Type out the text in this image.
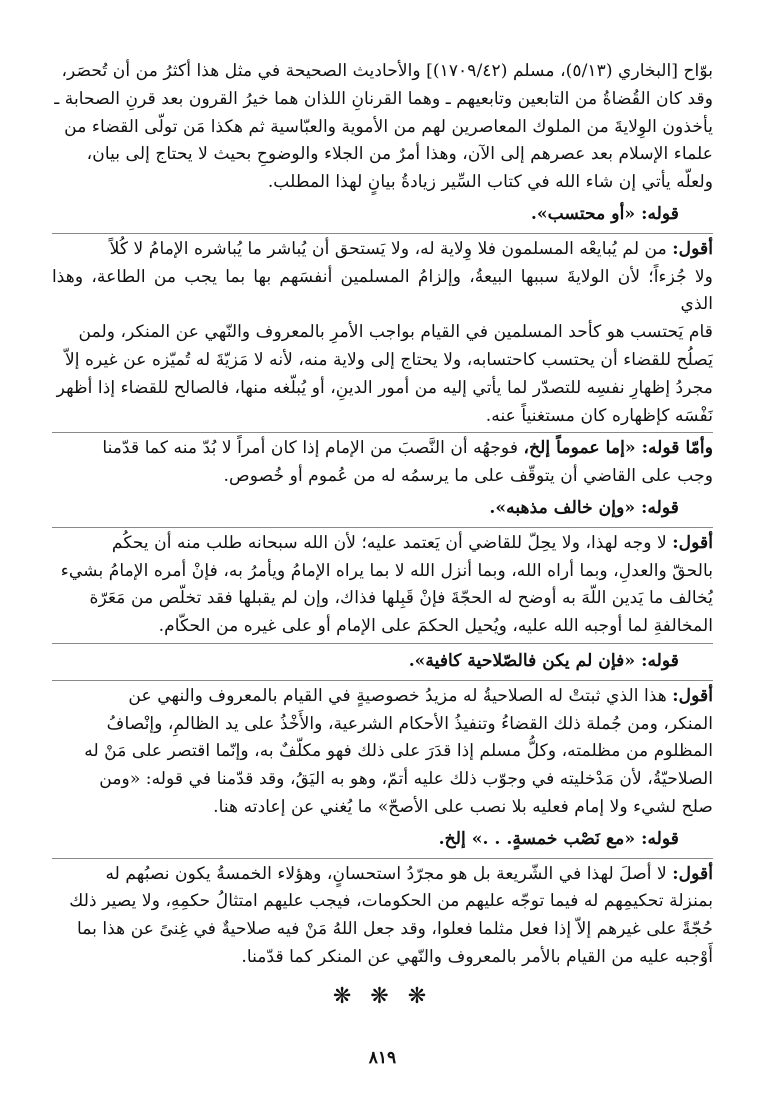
بوّاح [البخاري (٥/١٣)، مسلم (١٧٠٩/٤٢)] والأحاديث الصحيحة في مثل هذا أكثرُ من أن تُحصَر،

وقد كان القُضاةُ من التابعين وتابعيهم ـ وهما القرنانِ اللذان هما خيرُ القرون بعد قرنِ الصحابة ـ

يأخذون الوِلايةَ من الملوك المعاصرين لهم من الأموية والعبّاسية ثم هكذا مَن تولّى القضاء من

علماء الإسلام بعد عصرهم إلى الآن، وهذا أمرٌ من الجلاء والوضوحِ بحيث لا يحتاج إلى بيان،

ولعلّه يأتي إن شاء الله في كتاب السِّير زيادةُ بيانٍ لهذا المطلب.

قوله: «أو محتسب».

أقول: من لم يُبايعْه المسلمون فلا وِلاية له، ولا يَستحق أن يُباشر ما يُباشره الإمامُ لا كُلاً

ولا جُزءاً؛ لأن الولايةَ سببها البيعةُ، وإلزامُ المسلمين أنفسَهم بها بما يجب من الطاعة، وهذا الذي

قام يَحتسب هو كأحد المسلمين في القيام بواجب الأمرِ بالمعروف والنّهي عن المنكر، ولمن

يَصلُح للقضاء أن يحتسب كاحتسابه، ولا يحتاج إلى ولاية منه، لأنه لا مَزيّةَ له تُميّزه عن غيره إلاّ

مجردُ إظهارِ نفسِه للتصدّر لما يأتي إليه من أمور الدينِ، أو يُبلّغه منها، فالصالح للقضاء إذا أظهر

نَفْسَه كإظهاره كان مستغنياً عنه.

وأمّا قوله: «إما عموماً إلخ، فوجهُه أن النَّصبَ من الإمام إذا كان أمراً لا بُدّ منه كما قدّمنا

وجب على القاضي أن يتوقّف على ما يرسمُه له من عُموم أو خُصوص.

قوله: «وإن خالف مذهبه».

أقول: لا وجه لهذا، ولا يحِلّ للقاضي أن يَعتمد عليه؛ لأن الله سبحانه طلب منه أن يحكُم

بالحقّ والعدلِ، وبما أراه الله، وبما أنزل الله لا بما يراه الإمامُ ويأمرُ به، فإنْ أمره الإمامُ بشيء

يُخالف ما يَدين اللّهَ به أوضح له الحجّةَ فإنْ قَبِلها فذاك، وإن لم يقبلها فقد تخلّص من مَعَرّة

المخالفةِ لما أوجبه الله عليه، ويُحيل الحكمَ على الإمام أو على غيره من الحكّام.

قوله: «فإن لم يكن فالصّلاحية كافية».

أقول: هذا الذي ثبتتْ له الصلاحيةُ له مزيدُ خصوصيةٍ في القيام بالمعروف والنهي عن

المنكر، ومن جُملة ذلك القضاءُ وتنفيذُ الأحكام الشرعية، والأَخْذُ على يد الظالمِ، وإنْصافُ

المظلوم من مظلمته، وكلُّ مسلم إذا قدَرَ على ذلك فهو مكلّفٌ به، وإنّما اقتصر على مَنْ له

الصلاحيّةُ، لأن مَدْخليته في وجوّب ذلك عليه أتمّ، وهو به اليَقُ، وقد قدّمنا في قوله: «ومن

صلح لشيء ولا إمام فعليه بلا نصب على الأصحّ» ما يُغني عن إعادته هنا.

قوله: «مع نَصْب خمسةٍ. . .» إلخ.

أقول: لا أصلَ لهذا في الشّريعة بل هو مجرّدُ استحسانٍ، وهؤلاء الخمسةُ يكون نصبُهم له

بمنزلة تحكيمِهم له فيما توجّه عليهم من الحكومات، فيجب عليهم امتثالُ حكمِهِ، ولا يصير ذلك

حُجّةً على غيرهم إلاّ إذا فعل مثلما فعلوا، وقد جعل اللهُ مَنْ فيه صلاحيةٌ في غِنىً عن هذا بما

أَوْجبه عليه من القيام بالأمر بالمعروف والنّهي عن المنكر كما قدّمنا.

❋ ❋ ❋
٨١٩
